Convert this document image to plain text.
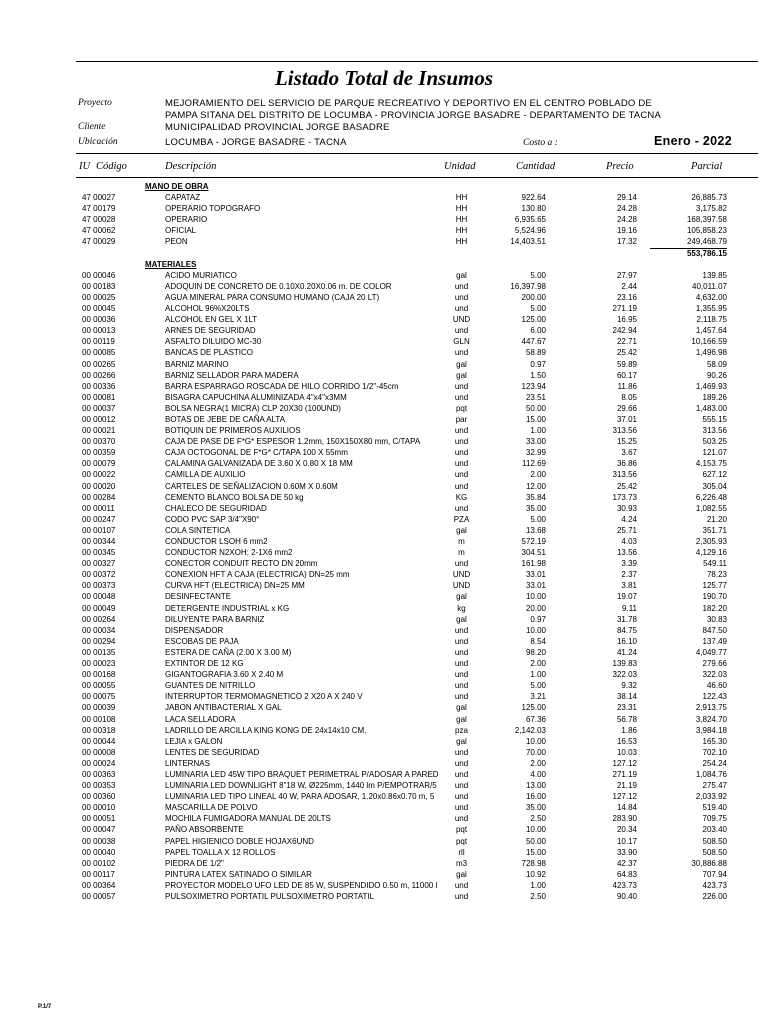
Listado Total de Insumos
Proyecto	MEJORAMIENTO DEL SERVICIO DE PARQUE RECREATIVO Y DEPORTIVO EN EL CENTRO POBLADO DE
PAMPA SITANA DEL DISTRITO DE LOCUMBA - PROVINCIA JORGE BASADRE - DEPARTAMENTO DE TACNA
Cliente	MUNICIPALIDAD PROVINCIAL JORGE BASADRE
Ubicación	LOCUMBA - JORGE BASADRE - TACNA	Costo a :	Enero - 2022
IU Código	Descripción	Unidad	Cantidad	Precio	Parcial
MANO DE OBRA
47 00027	CAPATAZ	HH	922.64	29.14	26,885.73
47 00179	OPERARIO TOPOGRAFO	HH	130.80	24.28	3,175.82
47 00028	OPERARIO	HH	6,935.65	24.28	168,397.58
47 00062	OFICIAL	HH	5,524.96	19.16	105,858.23
47 00029	PEON	HH	14,403.51	17.32	249,468.79
553,786.15
MATERIALES
00 00046	ACIDO MURIATICO	gal	5.00	27.97	139.85
00 00183	ADOQUIN DE CONCRETO DE 0.10X0.20X0.06 m. DE COLOR	und	16,397.98	2.44	40,011.07
00 00025	AGUA MINERAL PARA CONSUMO HUMANO (CAJA 20 LT)	und	200.00	23.16	4,632.00
00 00045	ALCOHOL 96%X20LTS	und	5.00	271.19	1,355.95
00 00036	ALCOHOL EN GEL X 1LT	UND	125.00	16.95	2,118.75
00 00013	ARNES DE SEGURIDAD	und	6.00	242.94	1,457.64
00 00119	ASFALTO DILUIDO MC-30	GLN	447.67	22.71	10,166.59
00 00085	BANCAS DE PLASTICO	und	58.89	25.42	1,496.98
00 00265	BARNIZ MARINO	gal	0.97	59.89	58.09
00 00266	BARNIZ SELLADOR PARA MADERA	gal	1.50	60.17	90.26
00 00336	BARRA ESPARRAGO ROSCADA DE HILO CORRIDO 1/2"-45cm	und	123.94	11.86	1,469.93
00 00081	BISAGRA CAPUCHINA ALUMINIZADA 4"x4"x3MM	und	23.51	8.05	189.26
00 00037	BOLSA NEGRA(1 MICRA) CLP 20X30 (100UND)	pqt	50.00	29.66	1,483.00
00 00012	BOTAS DE JEBE DE CAÑA ALTA	par	15.00	37.01	555.15
00 00021	BOTIQUIN DE PRIMEROS AUXILIOS	und	1.00	313.56	313.56
00 00370	CAJA DE PASE DE F*G* ESPESOR 1.2mm, 150X150X80 mm, C/TAPA	und	33.00	15.25	503.25
00 00359	CAJA OCTOGONAL DE F*G* C/TAPA 100 X 55mm	und	32.99	3.67	121.07
00 00079	CALAMINA GALVANIZADA DE 3.60 X 0.80 X 18 MM	und	112.69	36.86	4,153.75
00 00022	CAMILLA DE AUXILIO	und	2.00	313.56	627.12
00 00020	CARTELES DE SEÑALIZACION 0.60M X 0.60M	und	12.00	25.42	305.04
00 00284	CEMENTO BLANCO BOLSA DE 50 kg	KG	35.84	173.73	6,226.48
00 00011	CHALECO DE SEGURIDAD	und	35.00	30.93	1,082.55
00 00247	CODO PVC SAP 3/4"X90°	PZA	5.00	4.24	21.20
00 00107	COLA SINTETICA	gal	13.68	25.71	351.71
00 00344	CONDUCTOR LSOH 6 mm2	m	572.19	4.03	2,305.93
00 00345	CONDUCTOR N2XOH: 2-1X6 mm2	m	304.51	13.56	4,129.16
00 00327	CONECTOR CONDUIT RECTO DN 20mm	und	161.98	3.39	549.11
00 00372	CONEXION HFT A CAJA (ELECTRICA) DN=25 mm	UND	33.01	2.37	78.23
00 00373	CURVA HFT (ELECTRICA) DN=25 MM	UND	33.01	3.81	125.77
00 00048	DESINFECTANTE	gal	10.00	19.07	190.70
00 00049	DETERGENTE INDUSTRIAL x KG	kg	20.00	9.11	182.20
00 00264	DILUYENTE PARA BARNIZ	gal	0.97	31.78	30.83
00 00034	DISPENSADOR	und	10.00	84.75	847.50
00 00294	ESCOBAS DE PAJA	und	8.54	16.10	137.49
00 00135	ESTERA DE CAÑA (2.00 X 3.00 M)	und	98.20	41.24	4,049.77
00 00023	EXTINTOR DE 12 KG	und	2.00	139.83	279.66
00 00168	GIGANTOGRAFIA 3.60 X 2.40 M	und	1.00	322.03	322.03
00 00055	GUANTES DE NITRILLO	und	5.00	9.32	46.60
00 00075	INTERRUPTOR TERMOMAGNETICO 2 X20 A X 240 V	und	3.21	38.14	122.43
00 00039	JABON ANTIBACTERIAL X GAL	gal	125.00	23.31	2,913.75
00 00108	LACA SELLADORA	gal	67.36	56.78	3,824.70
00 00318	LADRILLO DE ARCILLA KING KONG DE 24x14x10 CM.	pza	2,142.03	1.86	3,984.18
00 00044	LEJIA x GALON	gal	10.00	16.53	165.30
00 00008	LENTES DE SEGURIDAD	und	70.00	10.03	702.10
00 00024	LINTERNAS	und	2.00	127.12	254.24
00 00363	LUMINARIA LED 45W TIPO BRAQUET PERIMETRAL P/ADOSAR A PARED	und	4.00	271.19	1,084.76
00 00353	LUMINARIA LED DOWNLIGHT 8"18 W, Ø225mm, 1440 lm P/EMPOTRAR/5	und	13.00	21.19	275.47
00 00360	LUMINARIA LED TIPO LINEAL 40 W, PARA ADOSAR, 1.20x0.86x0.70 m, 5	und	16.00	127.12	2,033.92
00 00010	MASCARILLA DE POLVO	und	35.00	14.84	519.40
00 00051	MOCHILA FUMIGADORA MANUAL DE 20LTS	und	2.50	283.90	709.75
00 00047	PAÑO ABSORBENTE	pqt	10.00	20.34	203.40
00 00038	PAPEL HIGIENICO DOBLE HOJAX6UND	pqt	50.00	10.17	508.50
00 00040	PAPEL TOALLA X 12 ROLLOS	rll	15.00	33.90	508.50
00 00102	PIEDRA DE 1/2"	m3	728.98	42.37	30,886.88
00 00117	PINTURA LATEX SATINADO O SIMILAR	gal	10.92	64.83	707.94
00 00364	PROYECTOR MODELO UFO LED DE 85 W, SUSPENDIDO 0.50 m, 11000 l	und	1.00	423.73	423.73
00 00057	PULSOXIMETRO PORTATIL PULSOXIMETRO PORTATIL	und	2.50	90.40	226.00
P.1/7
